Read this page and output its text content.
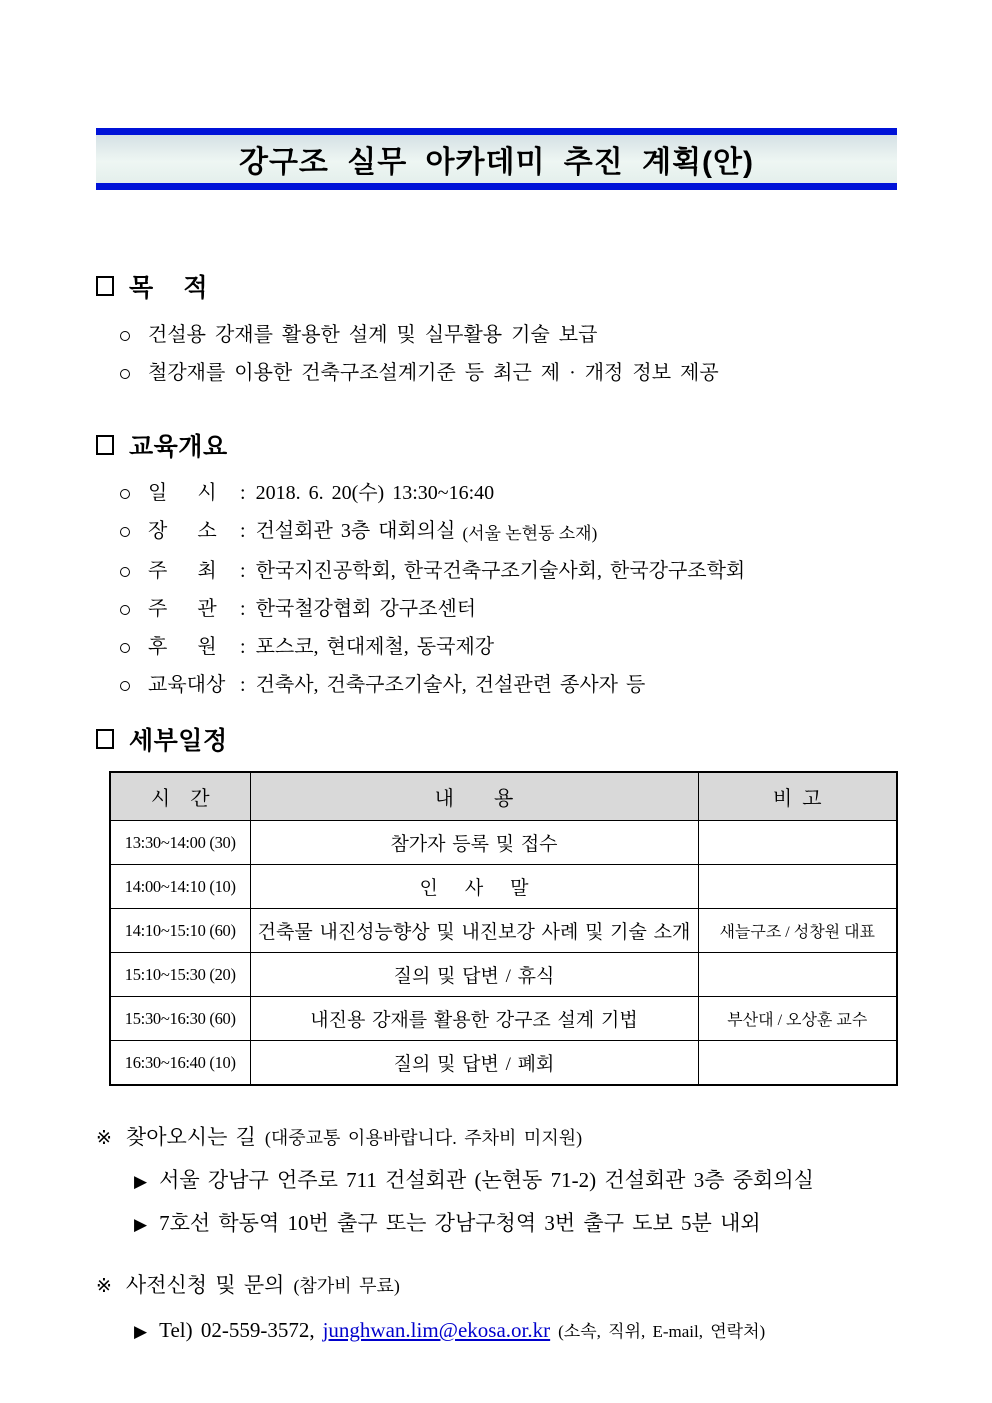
강구조 실무 아카데미 추진 계획(안)
목    적
건설용 강재를 활용한 설계 및 실무활용 기술 보급
철강재를 이용한 건축구조설계기준 등 최근 제 · 개정 정보 제공
교육개요
일      시	: 2018. 6. 20(수) 13:30~16:40
장      소	: 건설회관 3층 대회의실 (서울 논현동 소재)
주      최	: 한국지진공학회, 한국건축구조기술사회, 한국강구조학회
주      관	: 한국철강협회 강구조센터
후      원	: 포스코, 현대제철, 동국제강
교육대상 : 건축사, 건축구조기술사, 건설관련 종사자 등
세부일정
시    간	내        용	비  고
13:30~14:00 (30)	참가자 등록 및 접수	
14:00~14:10 (10)	인    사    말	
14:10~15:10 (60)	건축물 내진성능향상 및 내진보강 사례 및 기술 소개	새늘구조 / 성창원 대표
15:10~15:30 (20)	질의 및 답변 / 휴식	
15:30~16:30 (60)	내진용 강재를 활용한 강구조 설계 기법	부산대 / 오상훈 교수
16:30~16:40 (10)	질의 및 답변 / 폐회	
※ 찾아오시는 길 (대중교통 이용바랍니다. 주차비 미지원)
▶ 서울 강남구 언주로 711 건설회관 (논현동 71-2) 건설회관 3층 중회의실
▶ 7호선 학동역 10번 출구 또는 강남구청역 3번 출구 도보 5분 내외
※ 사전신청 및 문의 (참가비 무료)
▶ Tel) 02-559-3572, junghwan.lim@ekosa.or.kr (소속, 직위, E-mail, 연락처)
